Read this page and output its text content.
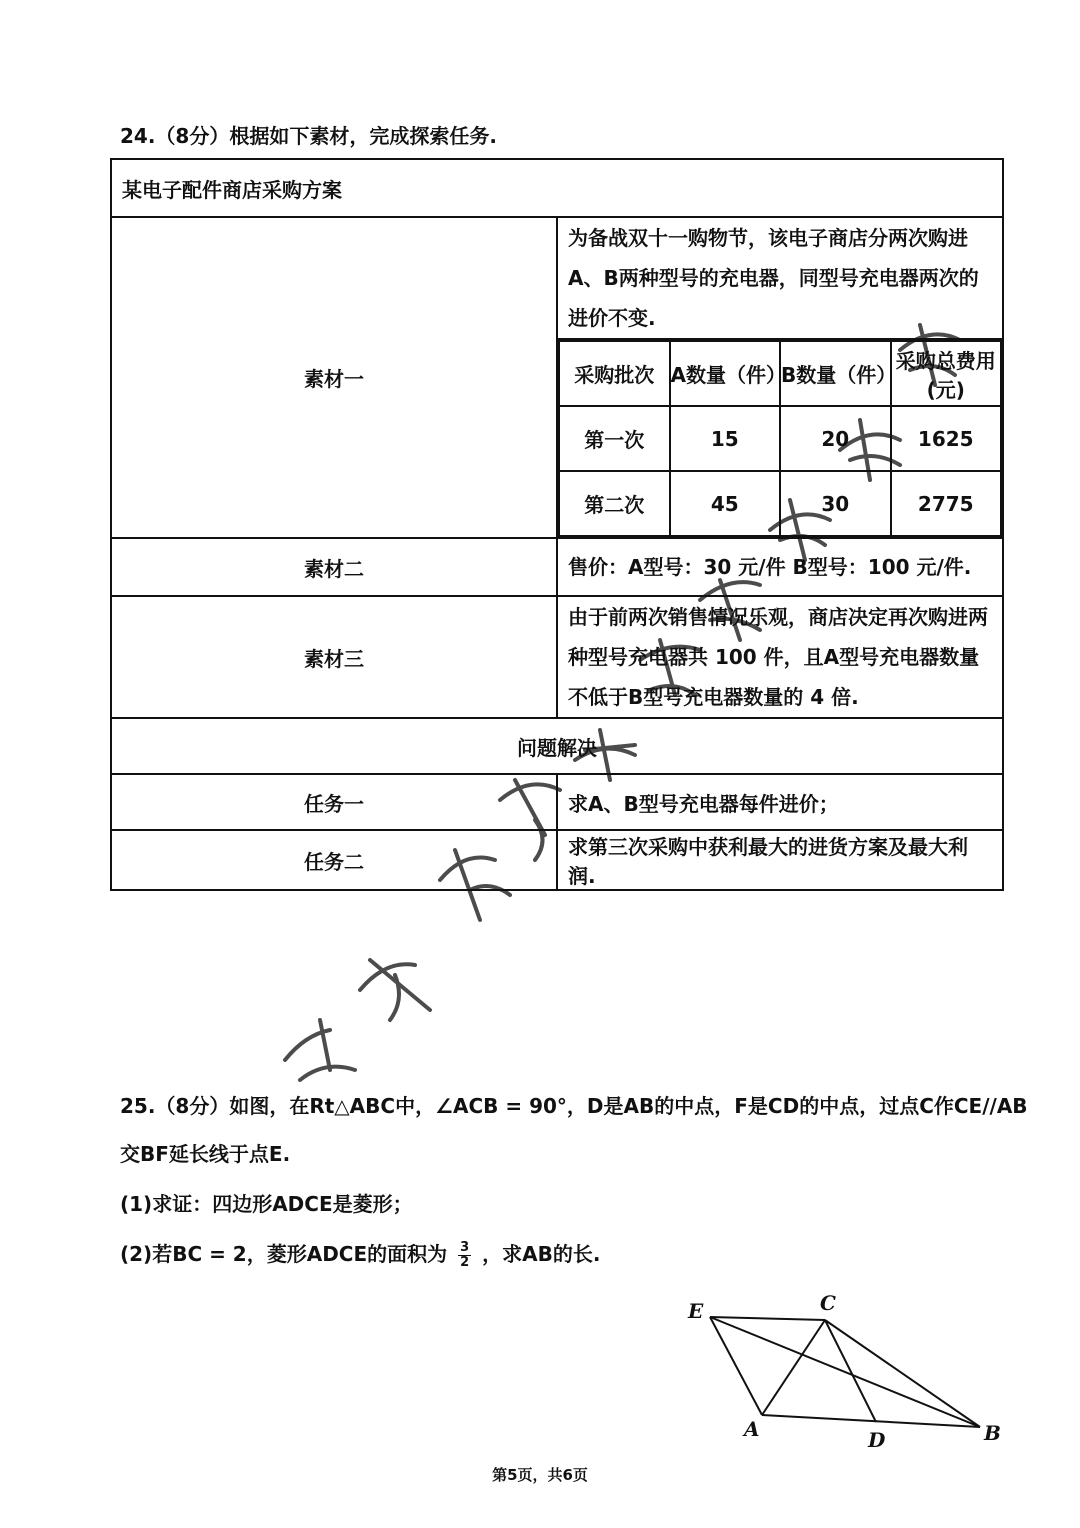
24.（8分）根据如下素材，完成探索任务.
某电子配件商店采购方案
素材一	为备战双十一购物节，该电子商店分两次购进A、B两种型号的充电器，同型号充电器两次的进价不变.

采购批次	A数量（件）	B数量（件）	采购总费用(元)
第一次	15	20	1625
第二次	45	30	2775

素材二	售价：A型号：30 元/件 B型号：100 元/件.
素材三	由于前两次销售情况乐观，商店决定再次购进两种型号充电器共 100 件，且A型号充电器数量不低于B型号充电器数量的 4 倍.
问题解决
任务一	求A、B型号充电器每件进价；
任务二	求第三次采购中获利最大的进货方案及最大利润.
25.（8分）如图，在Rt△ABC中，∠ACB = 90°，D是AB的中点，F是CD的中点，过点C作CE//AB
交BF延长线于点E.
(1)求证：四边形ADCE是菱形；
(2)若BC = 2，菱形ADCE的面积为 $\frac{3}{2}$ ，求AB的长.
E	C
A	D	B
第5页，共6页
